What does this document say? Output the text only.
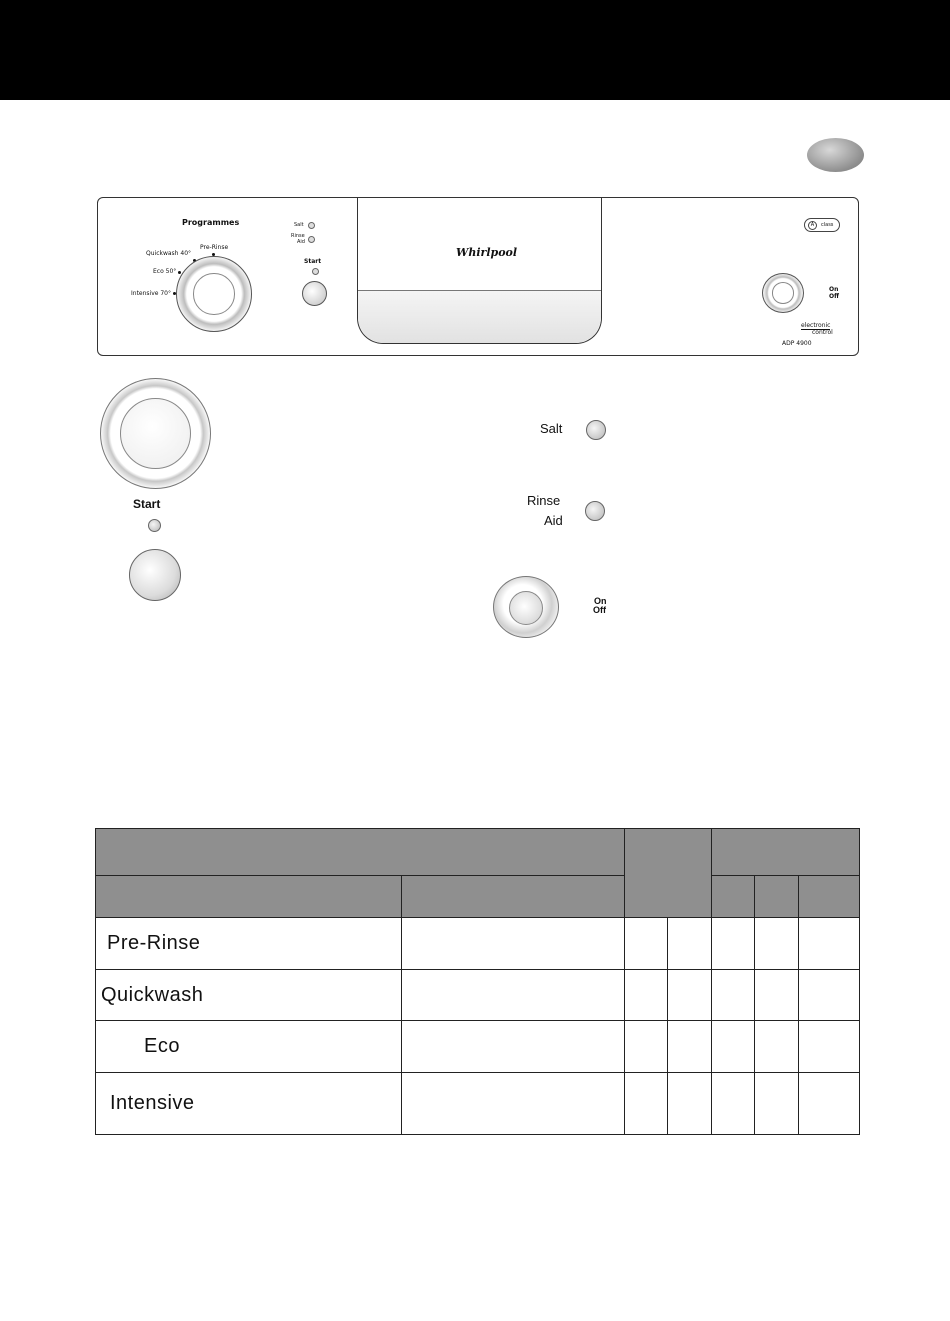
Programmes
Pre-Rinse
Quickwash 40°
Eco 50°
Intensive 70°
Salt
Rinse
Aid
Start
Whirlpool
A	class
On
Off
electronic
control
ADP 4900
Start
Salt
Rinse
Aid
On
Off

Pre-Rinse						
Quickwash						
Eco						
Intensive						
